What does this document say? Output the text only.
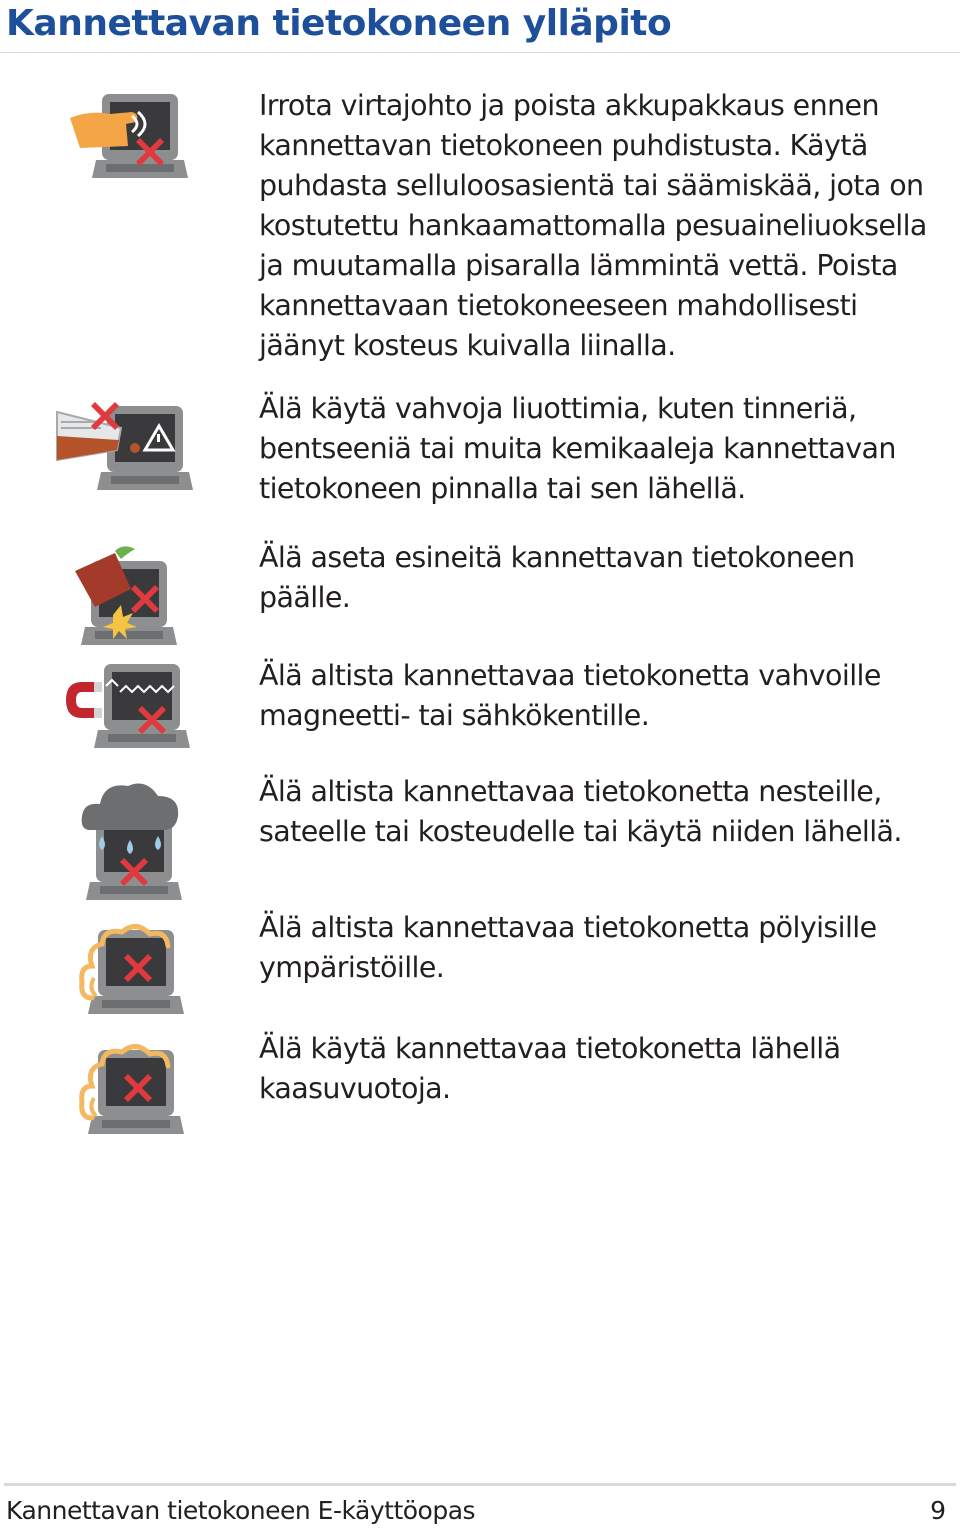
Kannettavan tietokoneen ylläpito
Irrota virtajohto ja poista akkupakkaus ennen kannettavan tietokoneen puhdistusta. Käytä puhdasta selluloosasientä tai säämiskää, jota on kostutettu hankaamattomalla pesuaineliuoksella ja muutamalla pisaralla lämmintä vettä. Poista kannettavaan tietokoneeseen mahdollisesti jäänyt kosteus kuivalla liinalla.
Älä käytä vahvoja liuottimia, kuten tinneriä, bentseeniä tai muita kemikaaleja kannettavan tietokoneen pinnalla tai sen lähellä.
Älä aseta esineitä kannettavan tietokoneen päälle.
Älä altista kannettavaa tietokonetta vahvoille magneetti- tai sähkökentille.
Älä altista kannettavaa tietokonetta nesteille, sateelle tai kosteudelle tai käytä niiden lähellä.
Älä altista kannettavaa tietokonetta pölyisille ympäristöille.
Älä käytä kannettavaa tietokonetta lähellä kaasuvuotoja.
Kannettavan tietokoneen E-käyttöopas	9
